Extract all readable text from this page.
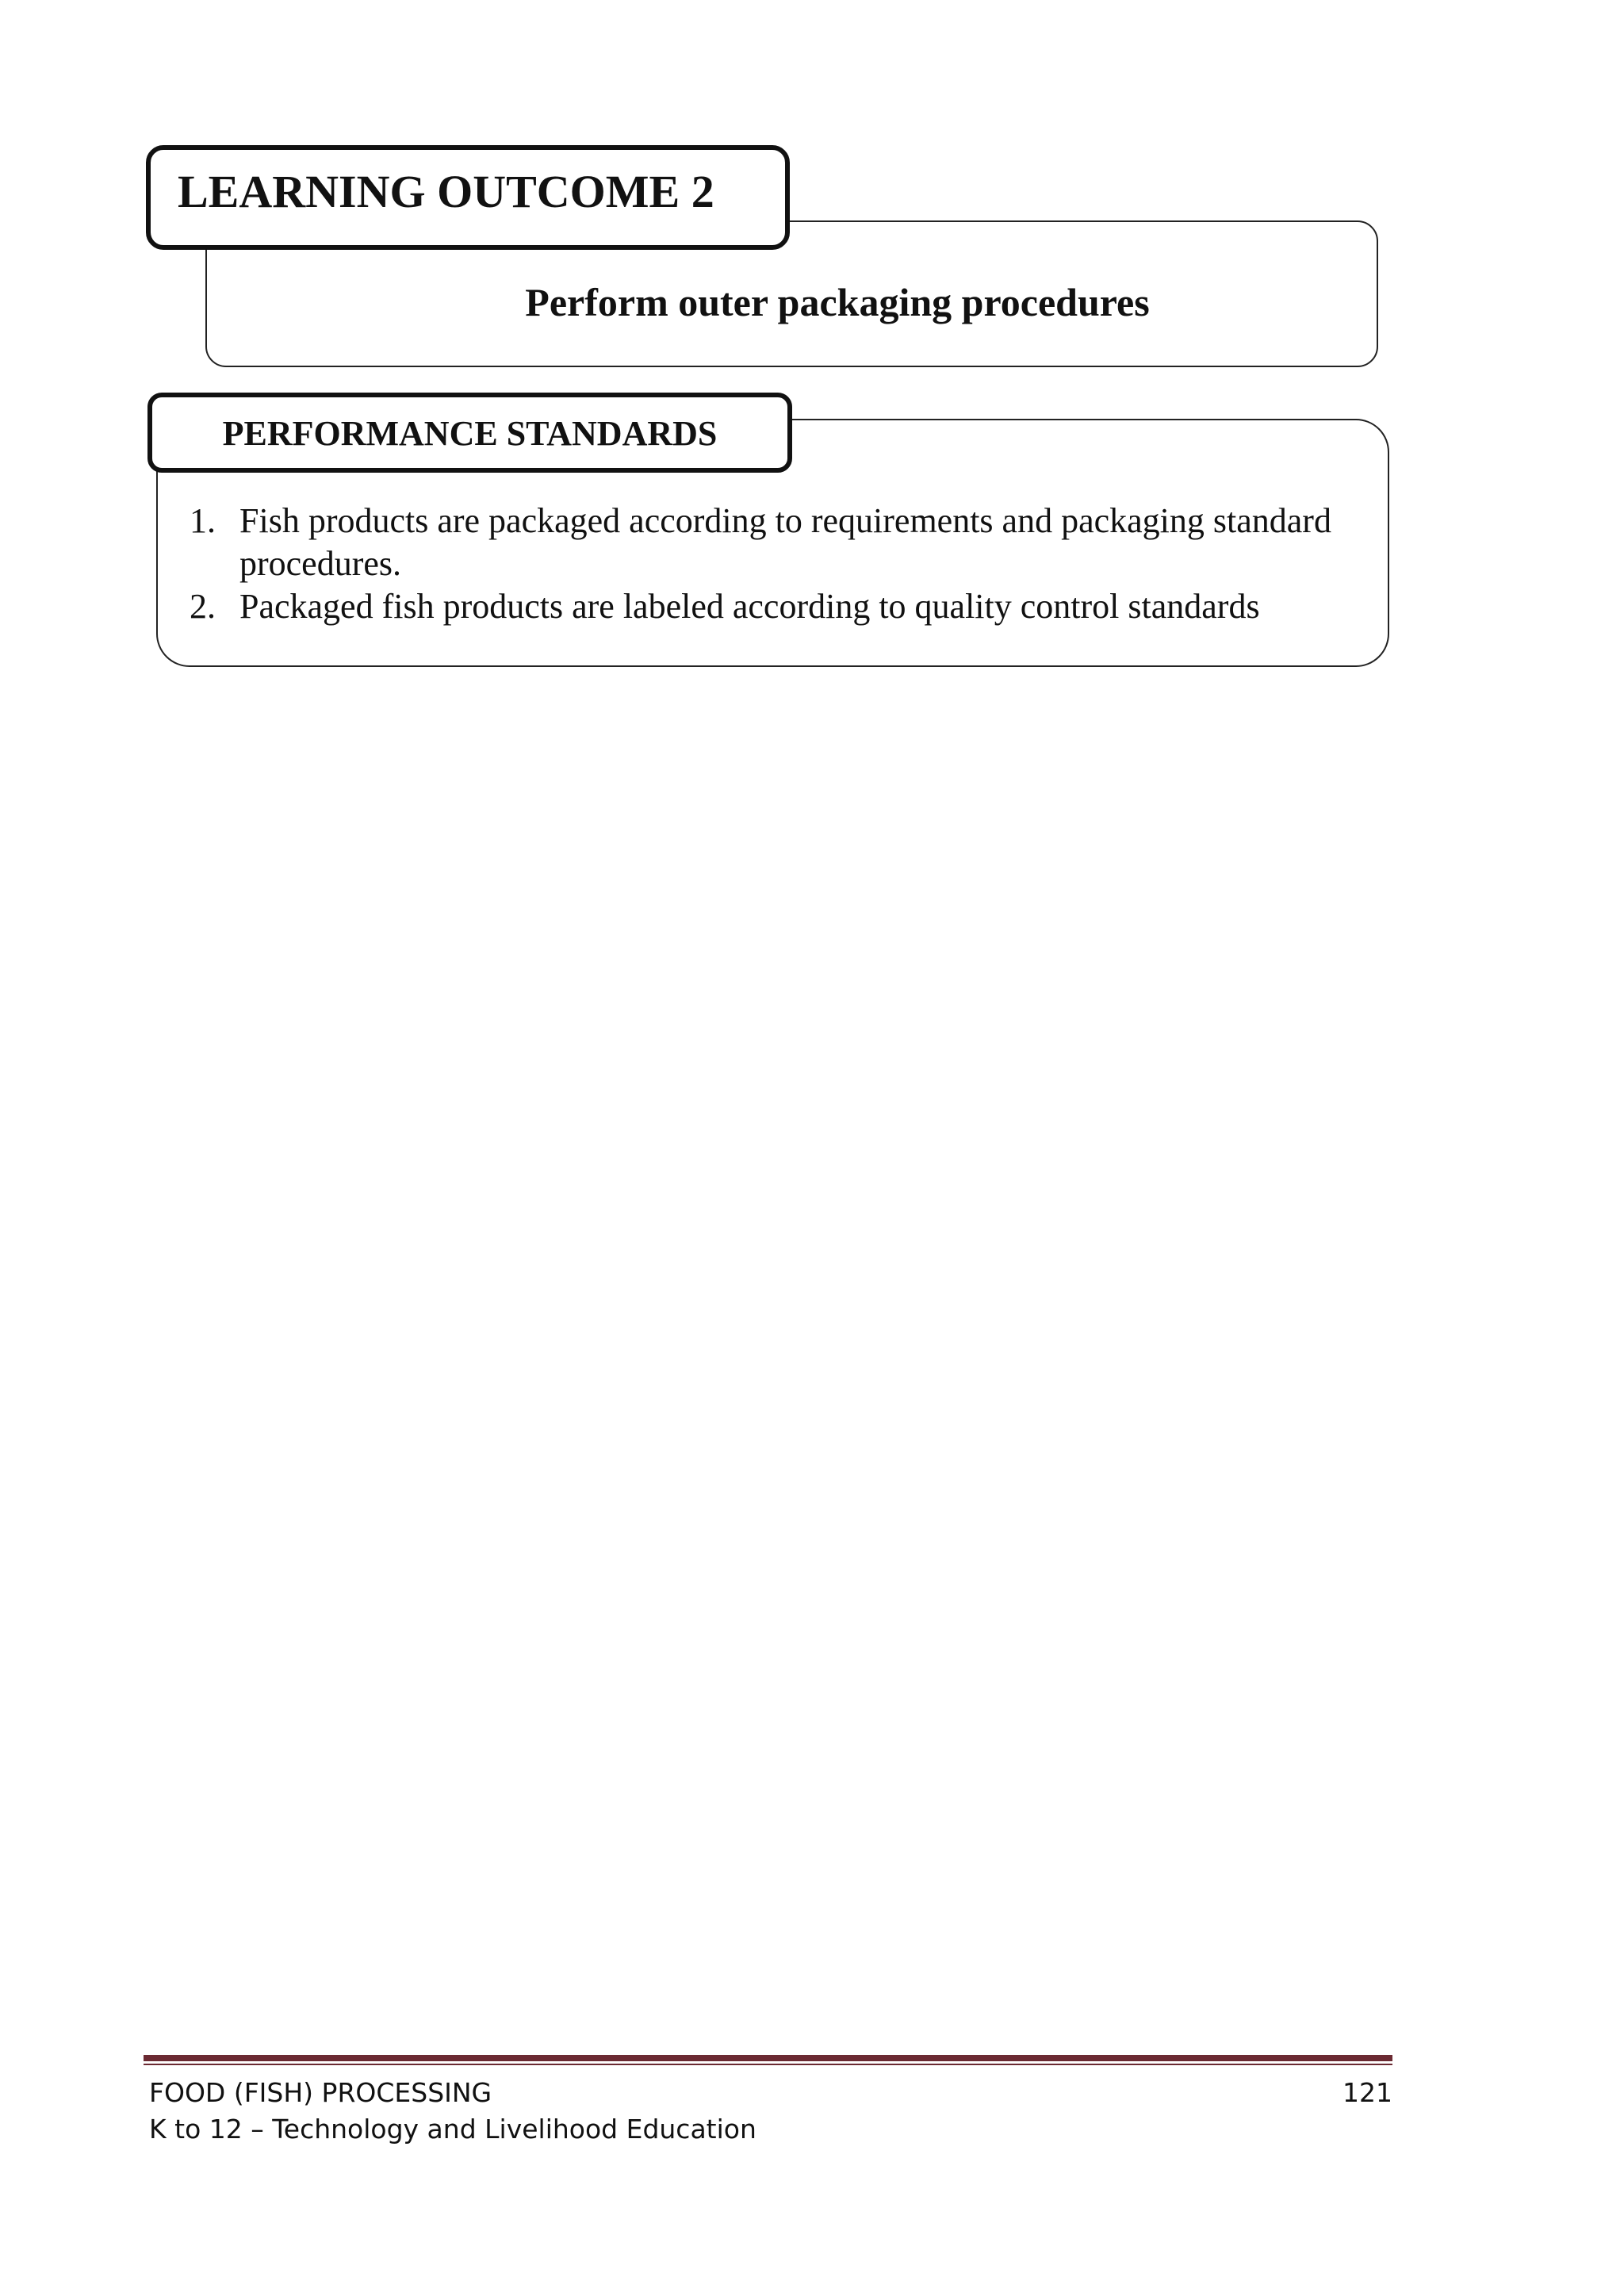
Perform outer packaging procedures
LEARNING OUTCOME 2
1. Fish products are packaged according to requirements and packaging standard procedures.
2. Packaged fish products are labeled according to quality control standards
PERFORMANCE STANDARDS
FOOD (FISH) PROCESSING
K to 12 – Technology and Livelihood Education
121
